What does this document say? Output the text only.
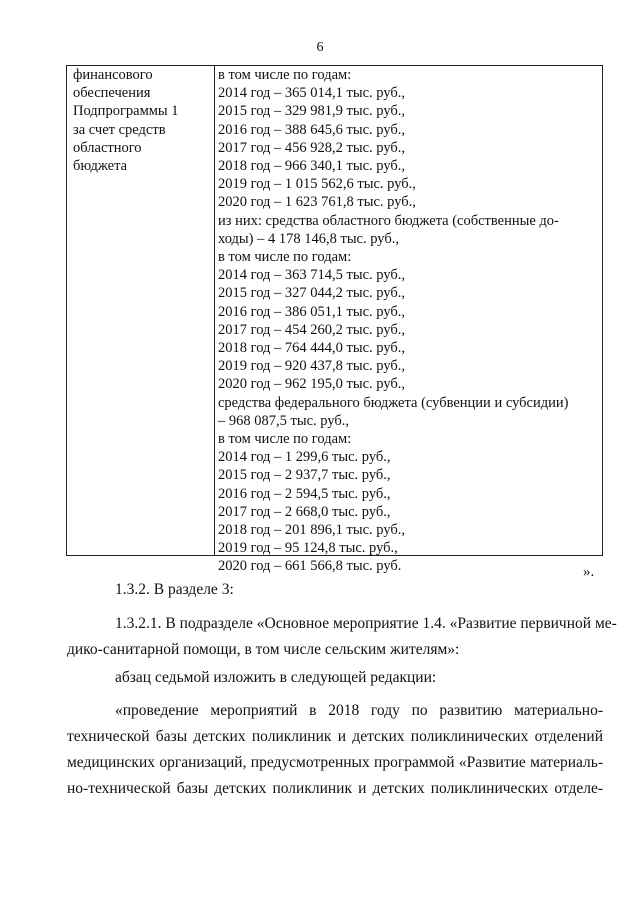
6
финансового
обеспечения
Подпрограммы 1
за счет средств
областного
бюджета
в том числе по годам:
2014 год – 365 014,1 тыс. руб.,
2015 год – 329 981,9 тыс. руб.,
2016 год – 388 645,6 тыс. руб.,
2017 год – 456 928,2 тыс. руб.,
2018 год – 966 340,1 тыс. руб.,
2019 год – 1 015 562,6 тыс. руб.,
2020 год – 1 623 761,8 тыс. руб.,
из них: средства областного бюджета (собственные до-
ходы) – 4 178 146,8 тыс. руб.,
в том числе по годам:
2014 год – 363 714,5 тыс. руб.,
2015 год – 327 044,2 тыс. руб.,
2016 год – 386 051,1 тыс. руб.,
2017 год – 454 260,2 тыс. руб.,
2018 год – 764 444,0 тыс. руб.,
2019 год – 920 437,8 тыс. руб.,
2020 год – 962 195,0 тыс. руб.,
средства федерального бюджета (субвенции и субсидии)
– 968 087,5 тыс. руб.,
в том числе по годам:
2014 год – 1 299,6 тыс. руб.,
2015 год – 2 937,7 тыс. руб.,
2016 год – 2 594,5 тыс. руб.,
2017 год – 2 668,0 тыс. руб.,
2018 год – 201 896,1 тыс. руб.,
2019 год – 95 124,8 тыс. руб.,
2020 год – 661 566,8 тыс. руб.	».
1.3.2. В разделе 3:
1.3.2.1. В подразделе «Основное мероприятие 1.4. «Развитие первичной ме-
дико-санитарной помощи, в том числе сельским жителям»:
абзац седьмой изложить в следующей редакции:
«проведение мероприятий в 2018 году по развитию материально-
технической базы детских поликлиник и детских поликлинических отделений
медицинских организаций, предусмотренных программой «Развитие материаль-
но-технической базы детских поликлиник и детских поликлинических отделе-
